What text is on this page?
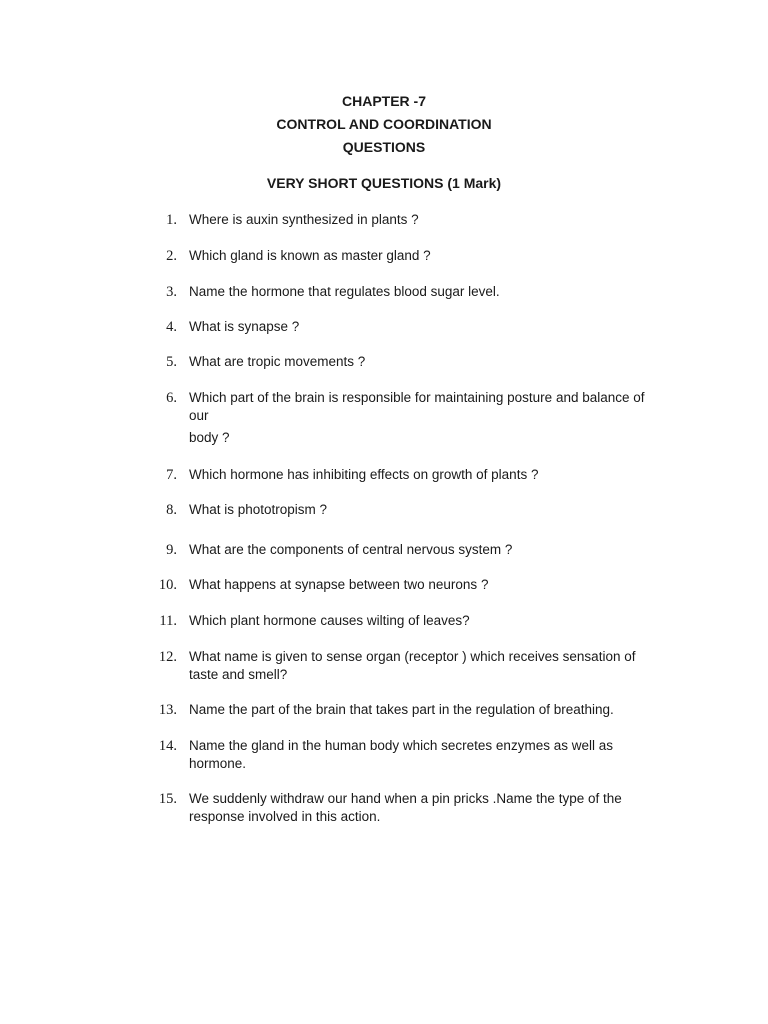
CHAPTER -7
CONTROL AND COORDINATION
QUESTIONS
VERY SHORT QUESTIONS (1 Mark)
1. Where is auxin synthesized in plants ?
2. Which gland is known as master gland ?
3. Name the hormone that regulates blood sugar level.
4. What is synapse ?
5. What are tropic movements ?
6. Which part of the brain is responsible for maintaining posture and balance of
our
body ?
7. Which hormone has inhibiting effects on growth of plants ?
8. What is phototropism ?
9. What are the components of central nervous system ?
10. What happens at synapse between two neurons ?
11. Which plant hormone causes wilting of leaves?
12. What name is given to sense organ (receptor ) which receives sensation of
taste and smell?
13. Name the part of the brain that takes part in the regulation of breathing.
14. Name the gland in the human body which secretes enzymes as well as
hormone.
15. We suddenly withdraw our hand when a pin pricks .Name the type of the
response involved in this action.
